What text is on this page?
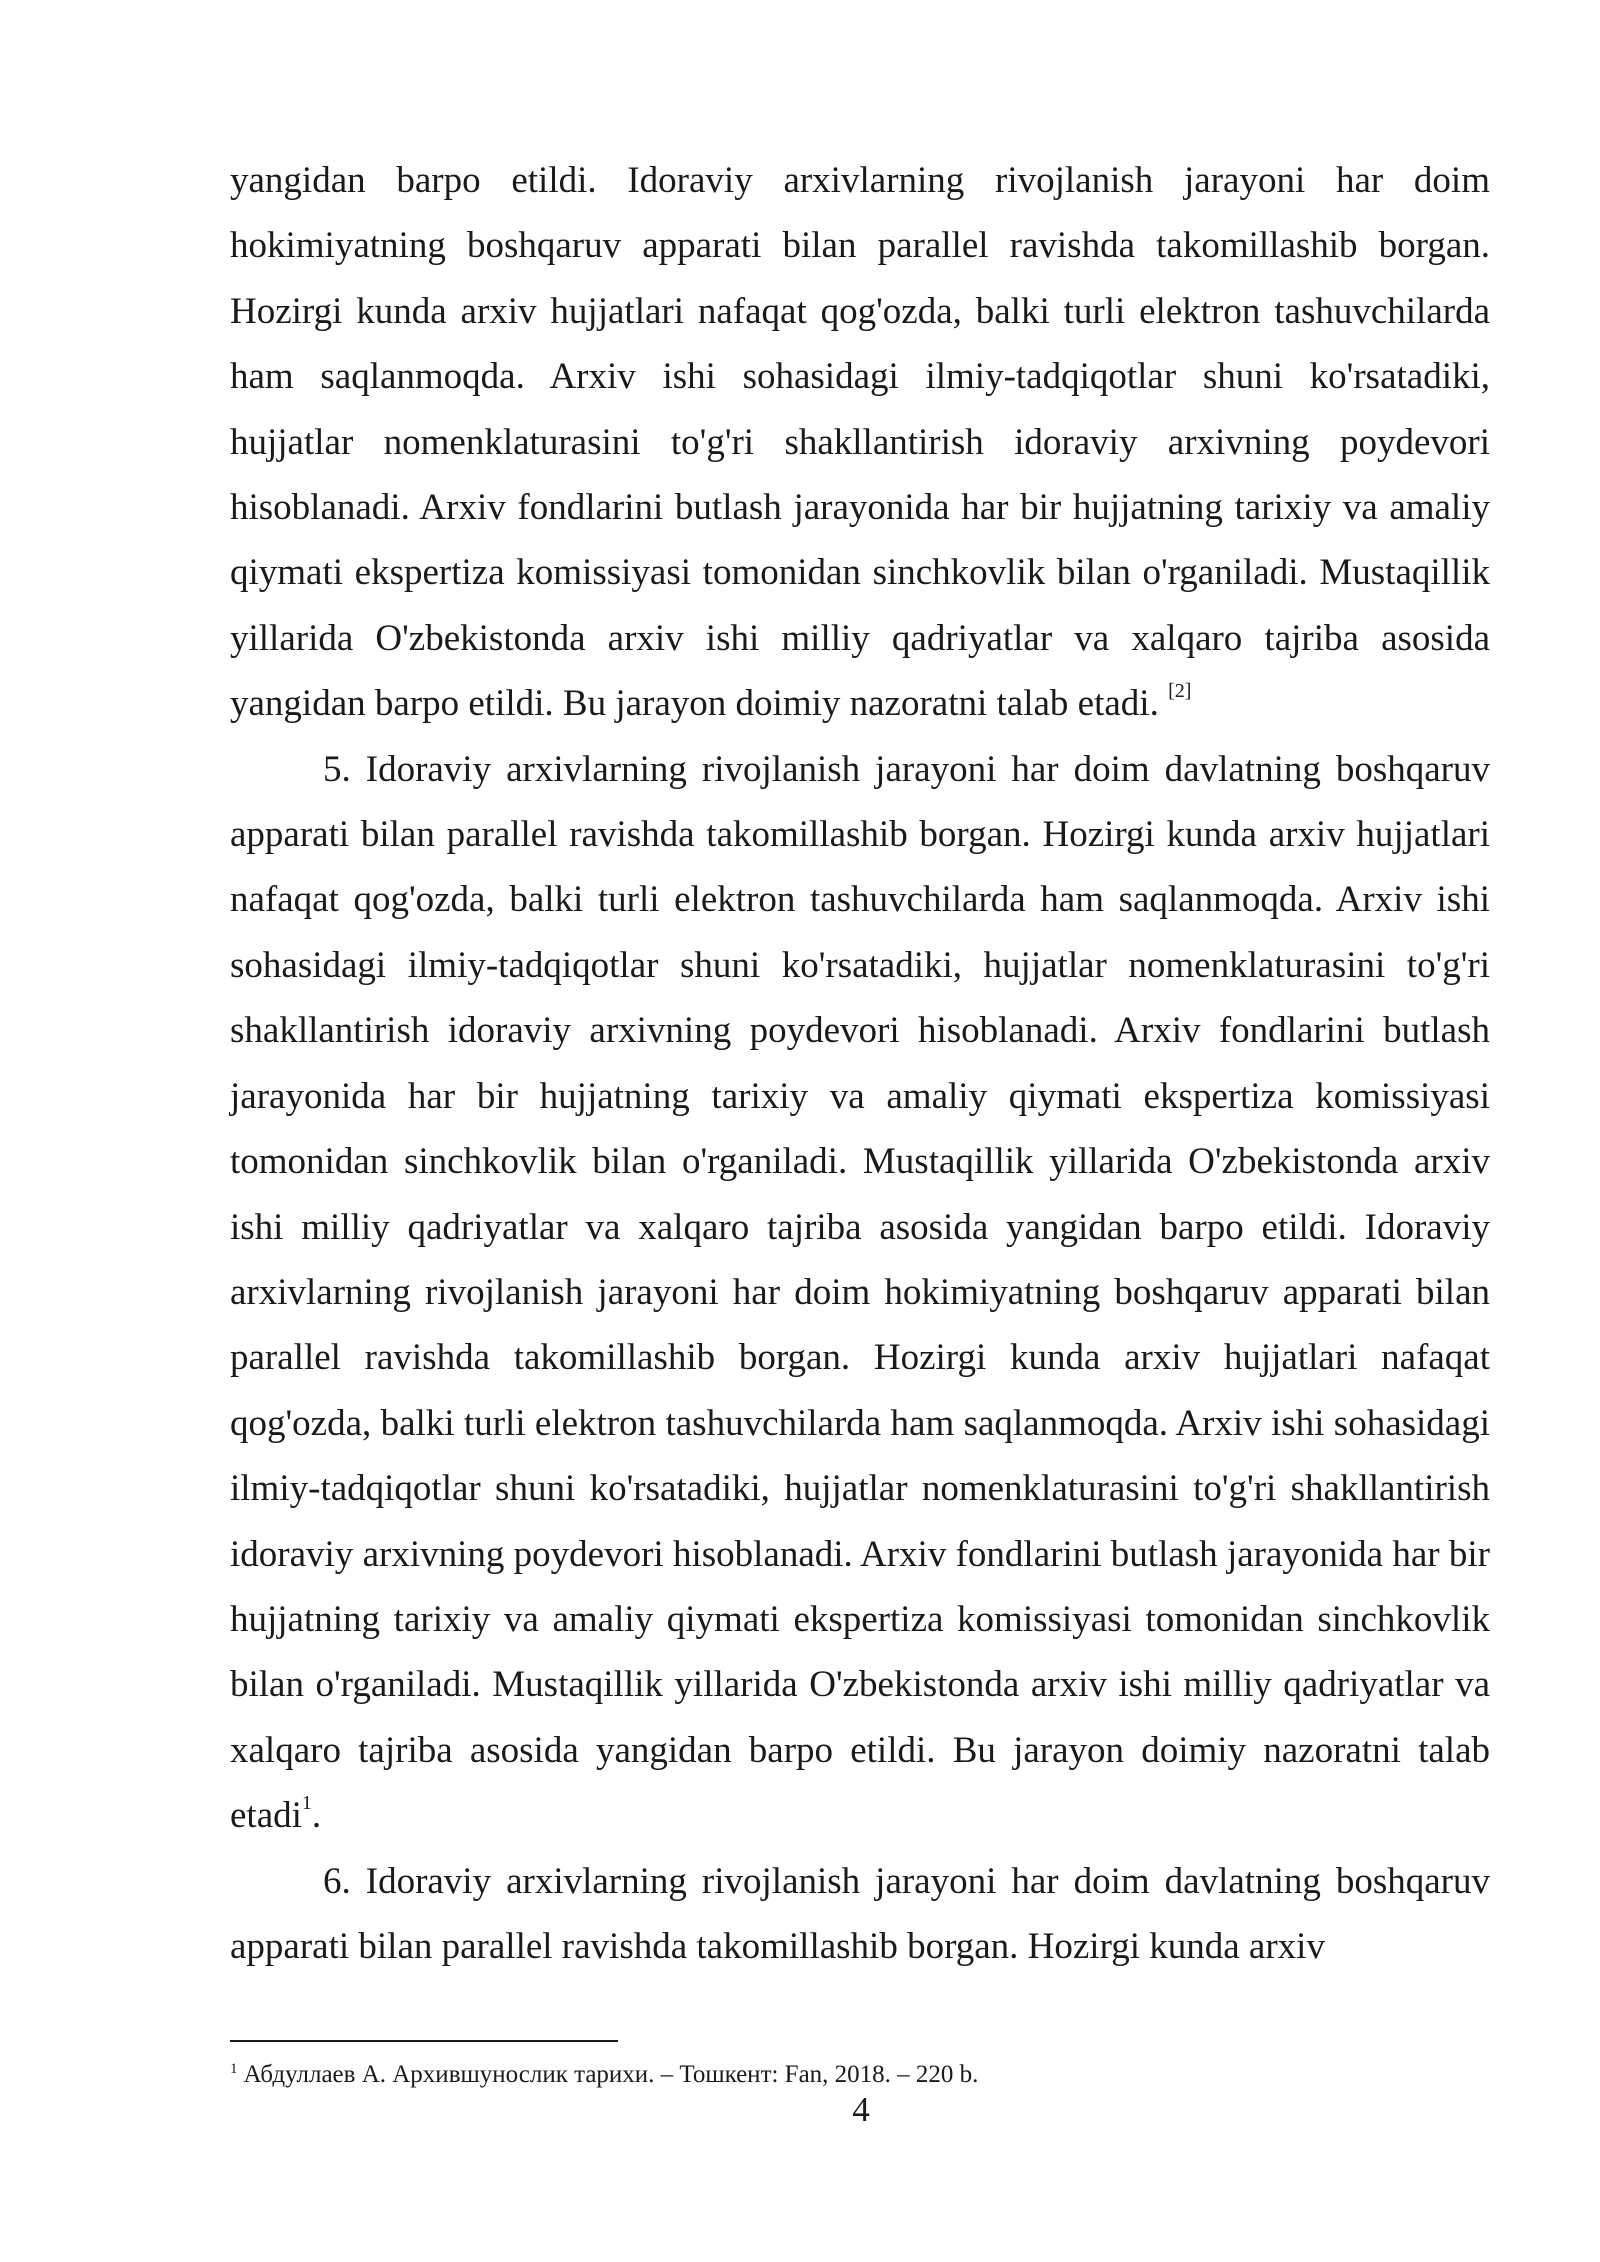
yangidan barpo etildi. Idoraviy arxivlarning rivojlanish jarayoni har doim hokimiyatning boshqaruv apparati bilan parallel ravishda takomillashib borgan. Hozirgi kunda arxiv hujjatlari nafaqat qog'ozda, balki turli elektron tashuvchilarda ham saqlanmoqda. Arxiv ishi sohasidagi ilmiy-tadqiqotlar shuni ko'rsatadiki, hujjatlar nomenklaturasini to'g'ri shakllantirish idoraviy arxivning poydevori hisoblanadi. Arxiv fondlarini butlash jarayonida har bir hujjatning tarixiy va amaliy qiymati ekspertiza komissiyasi tomonidan sinchkovlik bilan o'rganiladi. Mustaqillik yillarida O'zbekistonda arxiv ishi milliy qadriyatlar va xalqaro tajriba asosida yangidan barpo etildi. Bu jarayon doimiy nazoratni talab etadi. [2]

5. Idoraviy arxivlarning rivojlanish jarayoni har doim davlatning boshqaruv apparati bilan parallel ravishda takomillashib borgan. Hozirgi kunda arxiv hujjatlari nafaqat qog'ozda, balki turli elektron tashuvchilarda ham saqlanmoqda. Arxiv ishi sohasidagi ilmiy-tadqiqotlar shuni ko'rsatadiki, hujjatlar nomenklaturasini to'g'ri shakllantirish idoraviy arxivning poydevori hisoblanadi. Arxiv fondlarini butlash jarayonida har bir hujjatning tarixiy va amaliy qiymati ekspertiza komissiyasi tomonidan sinchkovlik bilan o'rganiladi. Mustaqillik yillarida O'zbekistonda arxiv ishi milliy qadriyatlar va xalqaro tajriba asosida yangidan barpo etildi. Idoraviy arxivlarning rivojlanish jarayoni har doim hokimiyatning boshqaruv apparati bilan parallel ravishda takomillashib borgan. Hozirgi kunda arxiv hujjatlari nafaqat qog'ozda, balki turli elektron tashuvchilarda ham saqlanmoqda. Arxiv ishi sohasidagi ilmiy-tadqiqotlar shuni ko'rsatadiki, hujjatlar nomenklaturasini to'g'ri shakllantirish idoraviy arxivning poydevori hisoblanadi. Arxiv fondlarini butlash jarayonida har bir hujjatning tarixiy va amaliy qiymati ekspertiza komissiyasi tomonidan sinchkovlik bilan o'rganiladi. Mustaqillik yillarida O'zbekistonda arxiv ishi milliy qadriyatlar va xalqaro tajriba asosida yangidan barpo etildi. Bu jarayon doimiy nazoratni talab etadi$^1$.

6. Idoraviy arxivlarning rivojlanish jarayoni har doim davlatning boshqaruv apparati bilan parallel ravishda takomillashib borgan. Hozirgi kunda arxiv

$^1$ Абдуллаев А. Архившунослик тарихи. – Тошкент: Fan, 2018. – 220 b.
4
